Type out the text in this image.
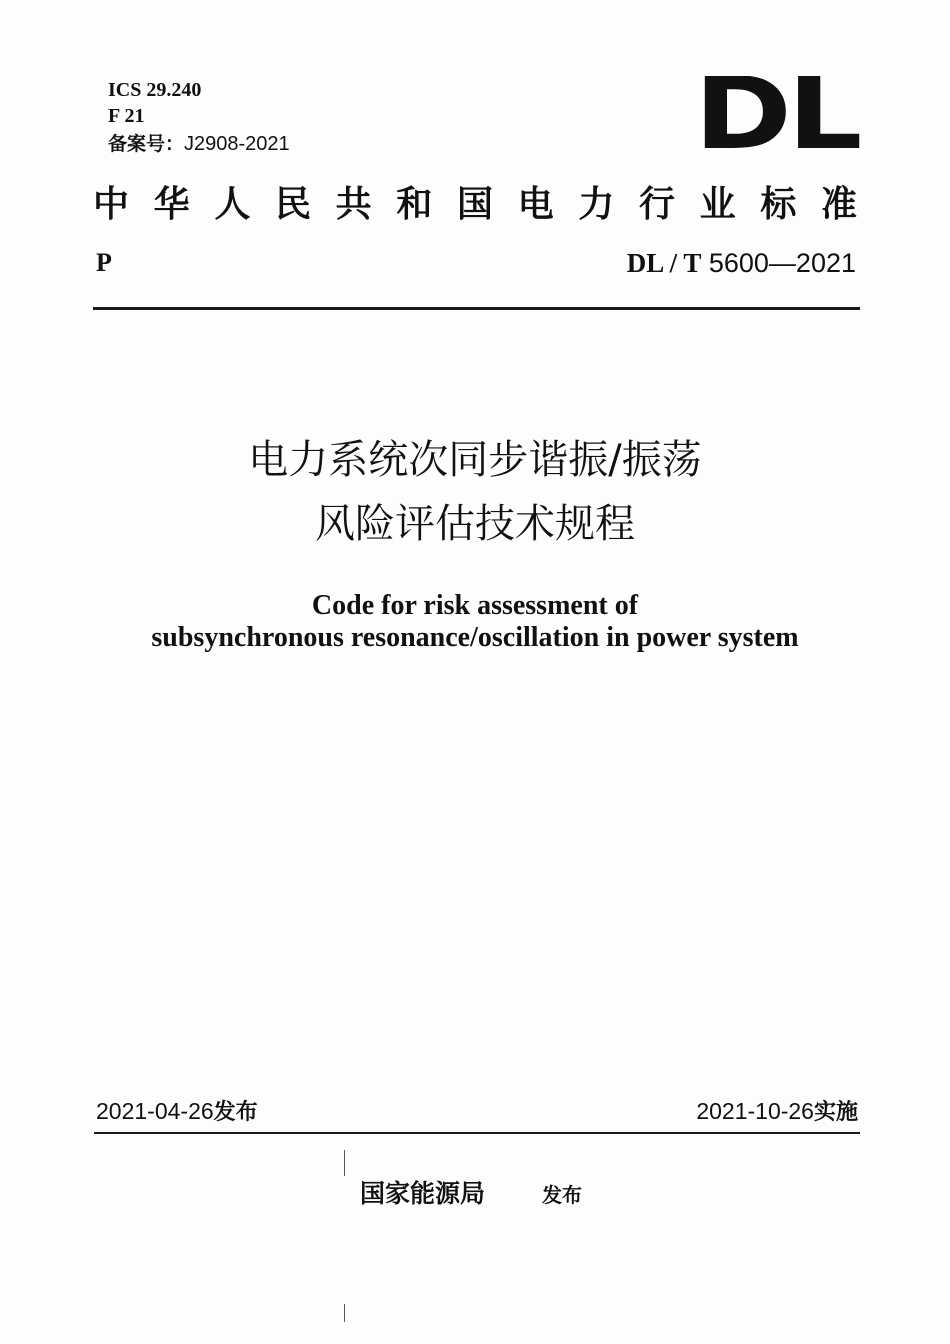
ICS 29.240
F 21
备案号：J2908-2021	DL
中华人民共和国电力行业标准
P	DL / T 5600—2021
电力系统次同步谐振/振荡
风险评估技术规程
Code for risk assessment of
subsynchronous resonance/oscillation in power system
2021-04-26发布	2021-10-26实施
国家能源局	发布
